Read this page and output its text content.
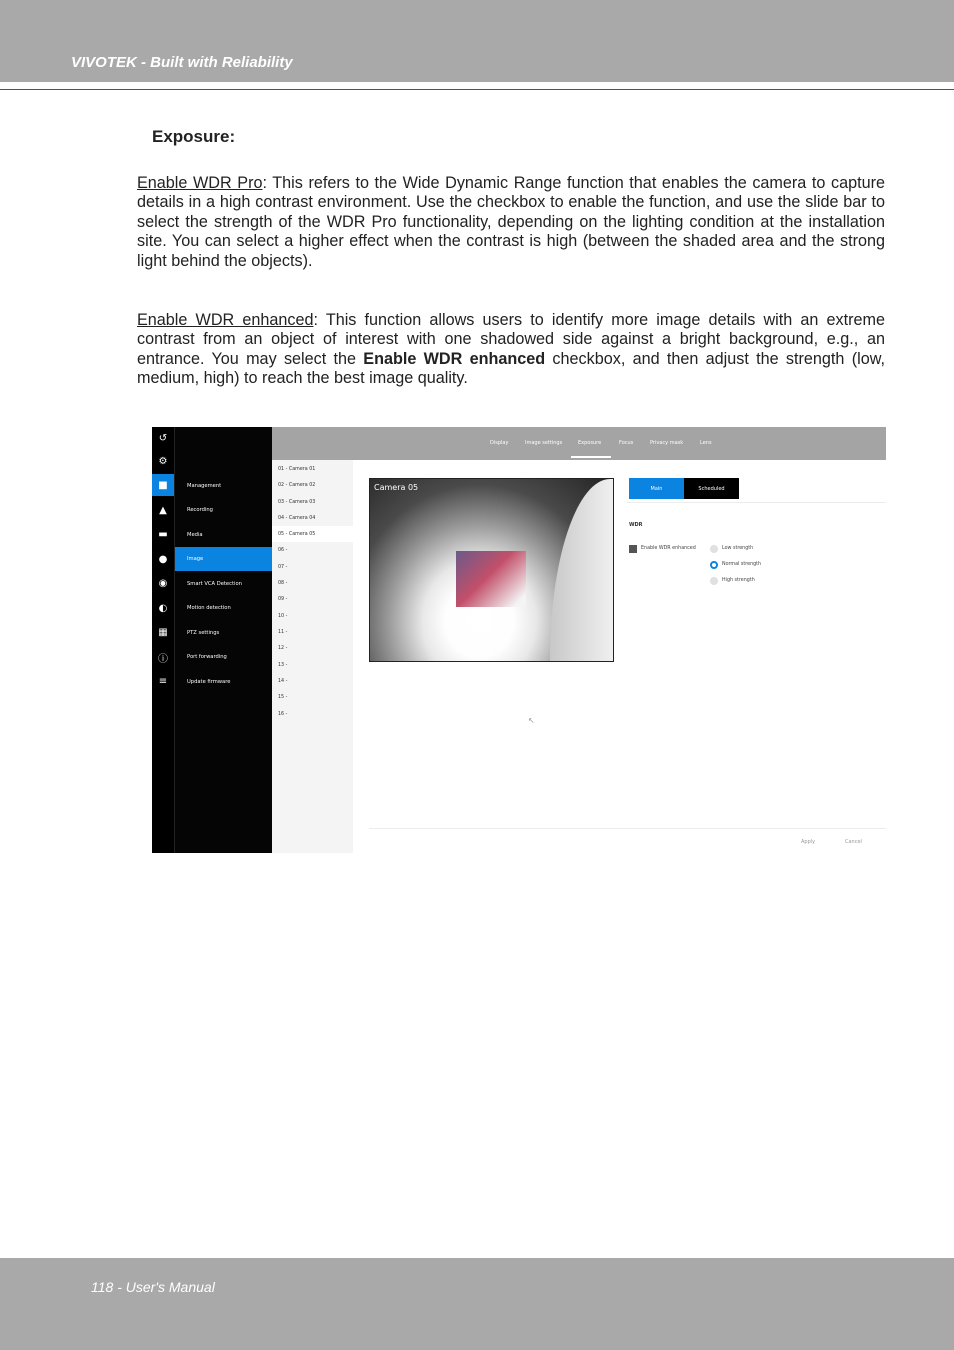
VIVOTEK - Built with Reliability
Exposure:
Enable WDR Pro: This refers to the Wide Dynamic Range function that enables the camera to capture details in a high contrast environment. Use the checkbox to enable the function, and use the slide bar to select the strength of the WDR Pro functionality, depending on the lighting condition at the installation site. You can select a higher effect when the contrast is high (between the shaded area and the strong light behind the objects).
Enable WDR enhanced: This function allows users to identify more image details with an extreme contrast from an object of interest with one shadowed side against a bright background, e.g., an entrance. You may select the Enable WDR enhanced checkbox, and then adjust the strength (low, medium, high) to reach the best image quality.
↺
⚙
■
▲
▬
●
◉
◐
▦
ⓘ
≡
Management
Recording
Media
Image
Smart VCA Detection
Motion detection
PTZ settings
Port forwarding
Update firmware
Display	Image settings	Exposure	Focus	Privacy mask	Lens
01 - Camera 01
02 - Camera 02
03 - Camera 03
04 - Camera 04
05 - Camera 05
06 -
07 -
08 -
09 -
10 -
11 -
12 -
13 -
14 -
15 -
16 -
Camera 05	Main	Scheduled
WDR
Enable WDR enhanced	Low strength
Normal strength
High strength
↖
Apply	Cancel
118 - User's Manual
